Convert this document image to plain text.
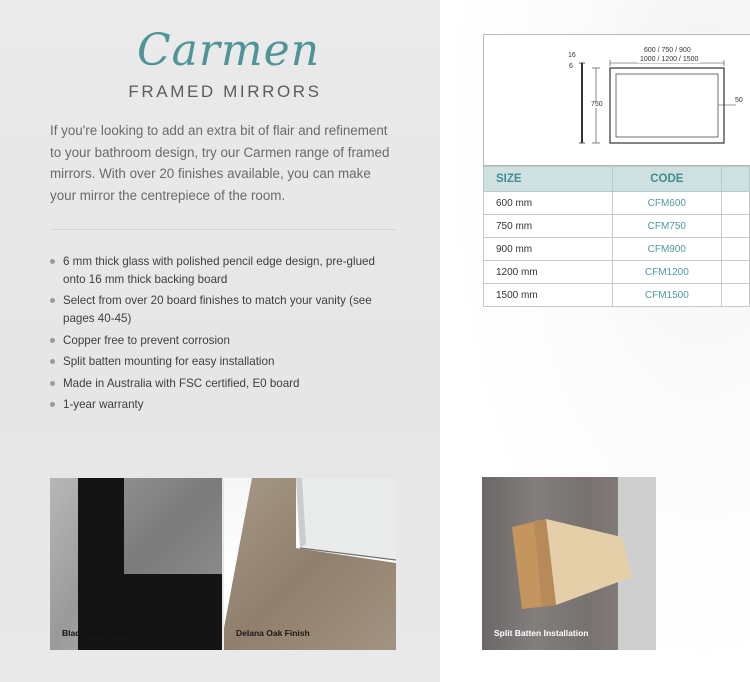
Carmen
FRAMED MIRRORS

If you're looking to add an extra bit of flair and refinement to your bathroom design, try our Carmen range of framed mirrors. With over 20 finishes available, you can make your mirror the centrepiece of the room.

6 mm thick glass with polished pencil edge design, pre-glued onto 16 mm thick backing board
Select from over 20 board finishes to match your vanity (see pages 40-45)
Copper free to prevent corrosion
Split batten mounting for easy installation
Made in Australia with FSC certified, E0 board
1-year warranty
Black Matt Finish	Delana Oak Finish	Split Batten Installation
16
6
600 / 750 / 900
1000 / 1200 / 1500
750
50
SIZE	CODE	
600 mm	CFM600	
750 mm	CFM750	
900 mm	CFM900	
1200 mm	CFM1200	
1500 mm	CFM1500	
